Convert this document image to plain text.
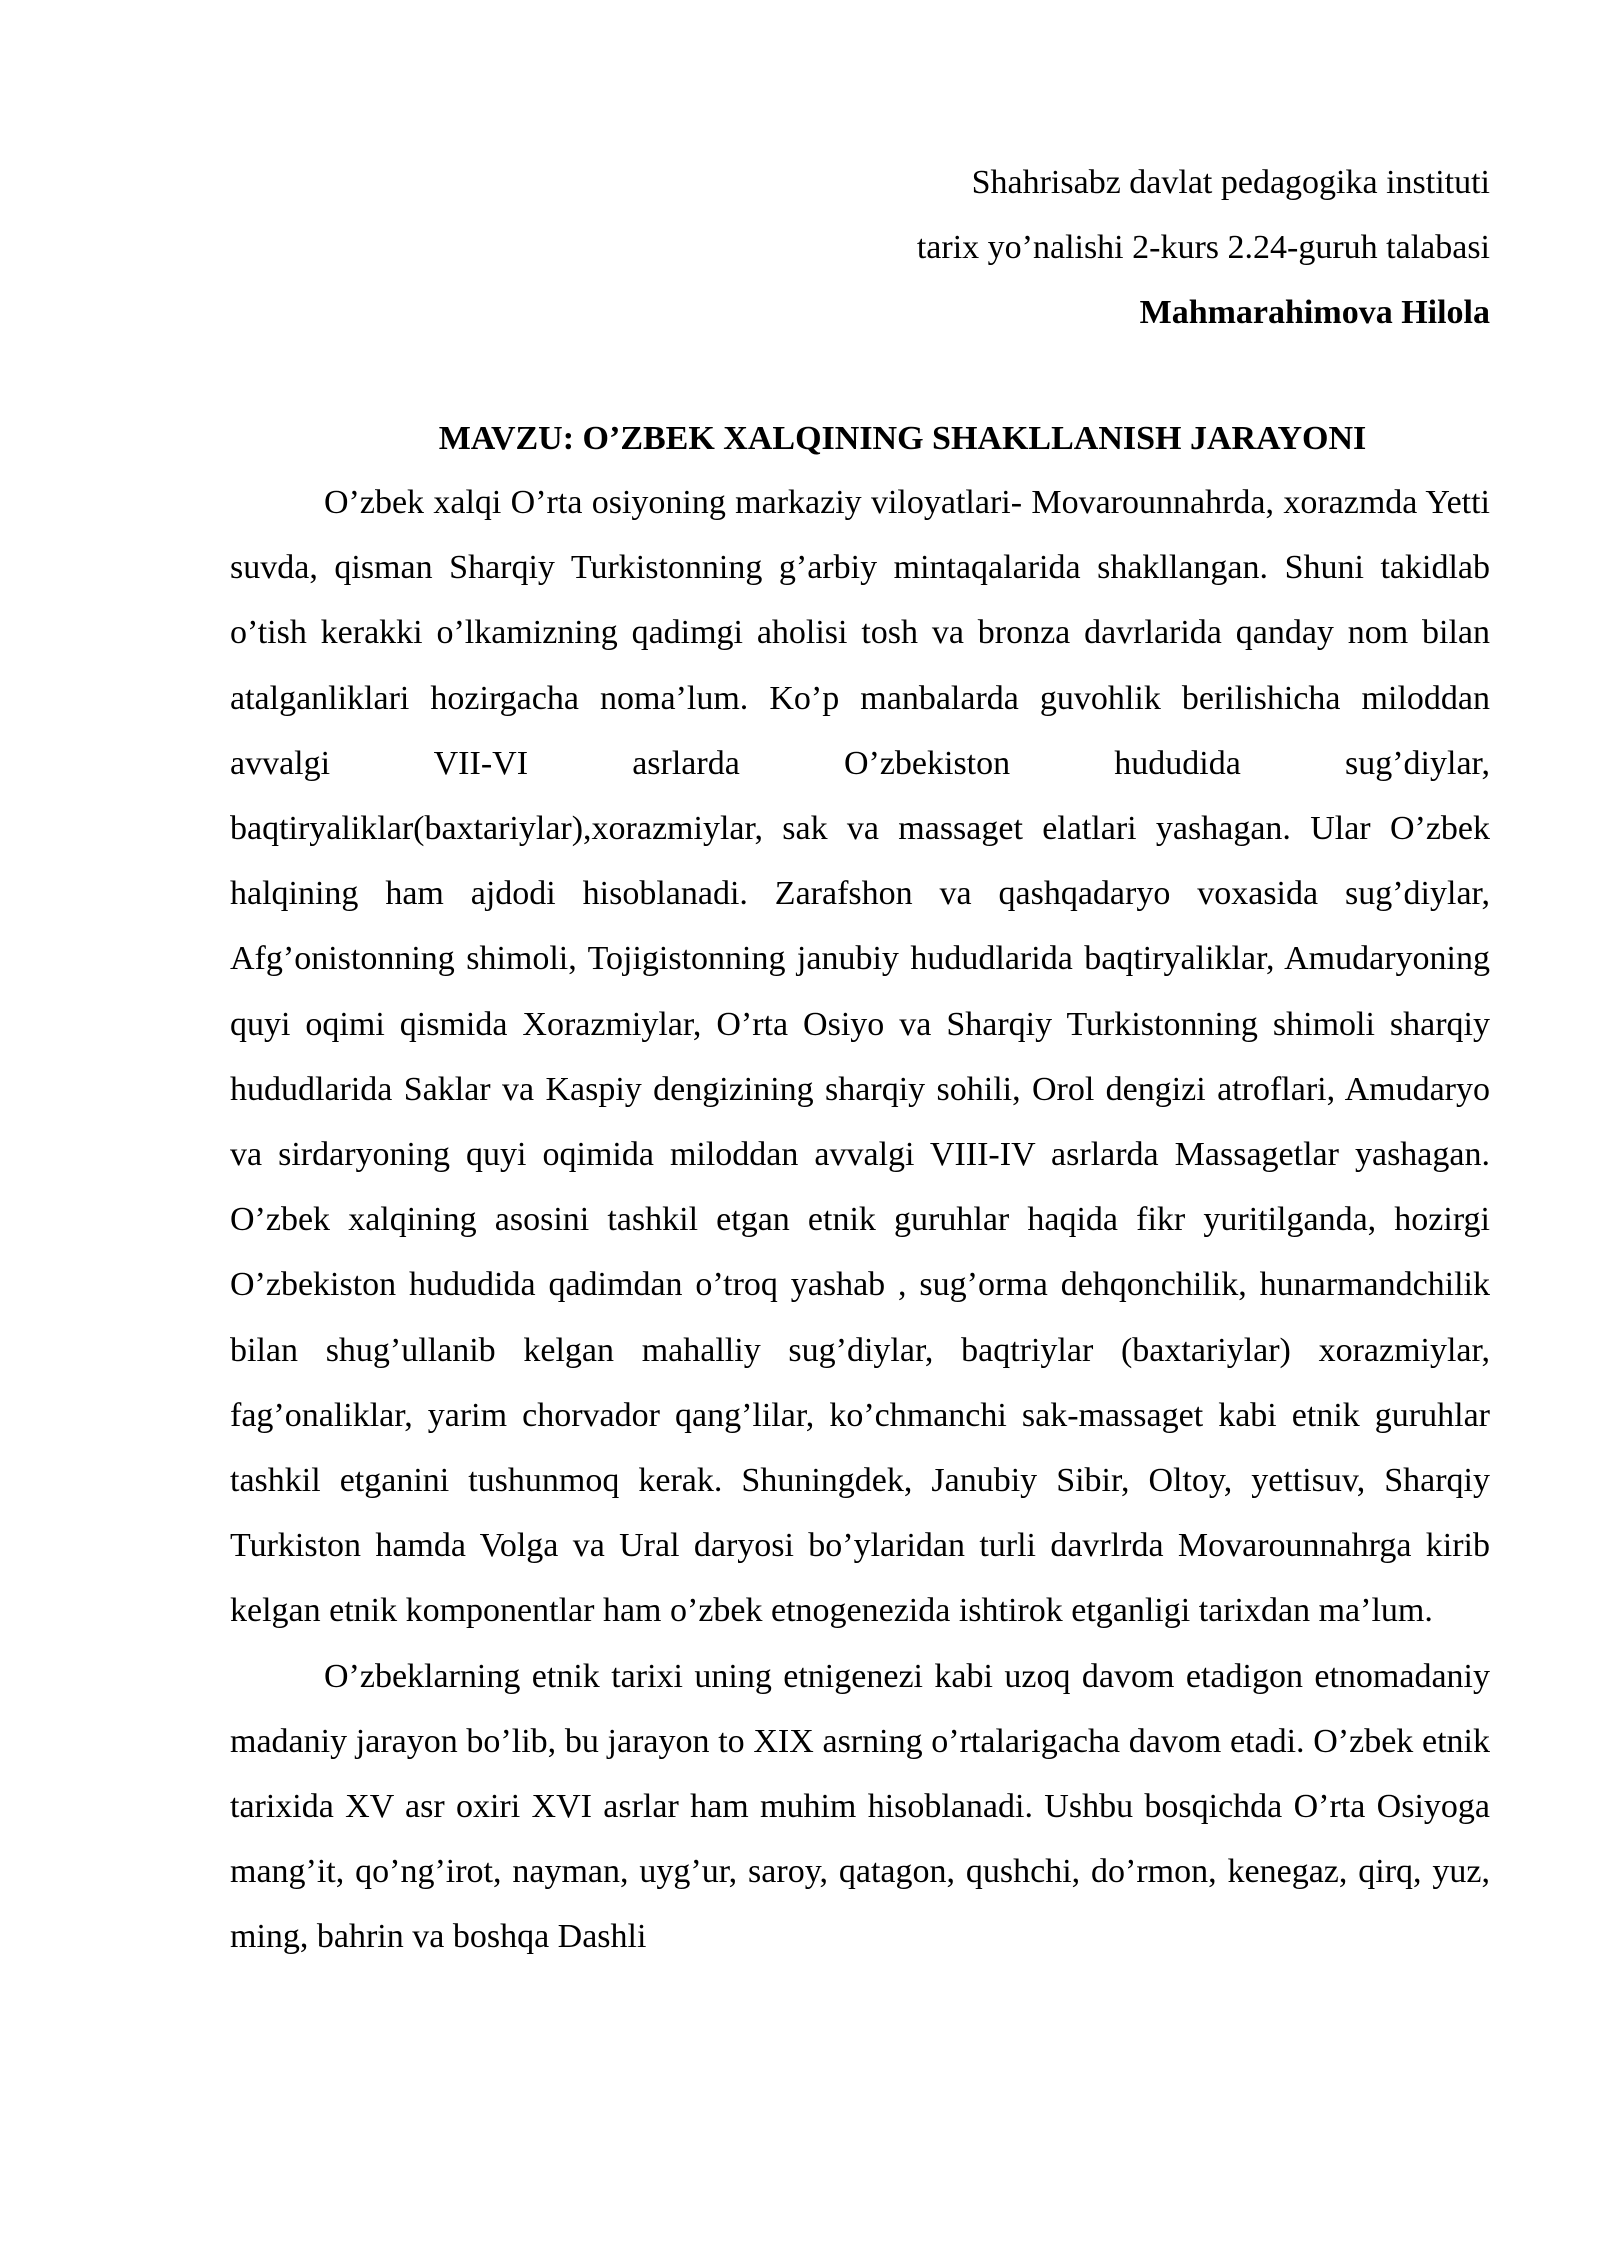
Shahrisabz davlat pedagogika instituti
tarix yo’nalishi 2-kurs 2.24-guruh talabasi
Mahmarahimova Hilola
MAVZU: O’ZBEK XALQINING SHAKLLANISH JARAYONI

O’zbek xalqi O’rta osiyoning markaziy viloyatlari- Movarounnahrda, xorazmda Yetti suvda, qisman Sharqiy Turkistonning g’arbiy mintaqalarida shakllangan. Shuni takidlab o’tish kerakki o’lkamizning qadimgi aholisi tosh va bronza davrlarida qanday nom bilan atalganliklari hozirgacha noma’lum. Ko’p manbalarda guvohlik berilishicha miloddan avvalgi VII-VI asrlarda O’zbekiston hududida sug’diylar, baqtiryaliklar(baxtariylar),xorazmiylar, sak va massaget elatlari yashagan. Ular O’zbek halqining ham ajdodi hisoblanadi. Zarafshon va qashqadaryo voxasida sug’diylar, Afg’onistonning shimoli, Tojigistonning janubiy hududlarida baqtiryaliklar, Amudaryoning quyi oqimi qismida Xorazmiylar, O’rta Osiyo va Sharqiy Turkistonning shimoli sharqiy hududlarida Saklar va Kaspiy dengizining sharqiy sohili, Orol dengizi atroflari, Amudaryo va sirdaryoning quyi oqimida miloddan avvalgi VIII-IV asrlarda Massagetlar yashagan. O’zbek xalqining asosini tashkil etgan etnik guruhlar haqida fikr yuritilganda, hozirgi O’zbekiston hududida qadimdan o’troq yashab , sug’orma dehqonchilik, hunarmandchilik bilan shug’ullanib kelgan mahalliy sug’diylar, baqtriylar (baxtariylar) xorazmiylar, fag’onaliklar, yarim chorvador qang’lilar, ko’chmanchi sak-massaget kabi etnik guruhlar tashkil etganini tushunmoq kerak. Shuningdek, Janubiy Sibir, Oltoy, yettisuv, Sharqiy Turkiston hamda Volga va Ural daryosi bo’ylaridan turli davrlrda Movarounnahrga kirib kelgan etnik komponentlar ham o’zbek etnogenezida ishtirok etganligi tarixdan ma’lum.

O’zbeklarning etnik tarixi uning etnigenezi kabi uzoq davom etadigon etnomadaniy madaniy jarayon bo’lib, bu jarayon to XIX asrning o’rtalarigacha davom etadi. O’zbek etnik tarixida XV asr oxiri XVI asrlar ham muhim hisoblanadi. Ushbu bosqichda O’rta Osiyoga mang’it, qo’ng’irot, nayman, uyg’ur, saroy, qatagon, qushchi, do’rmon, kenegaz, qirq, yuz, ming, bahrin va boshqa Dashli
